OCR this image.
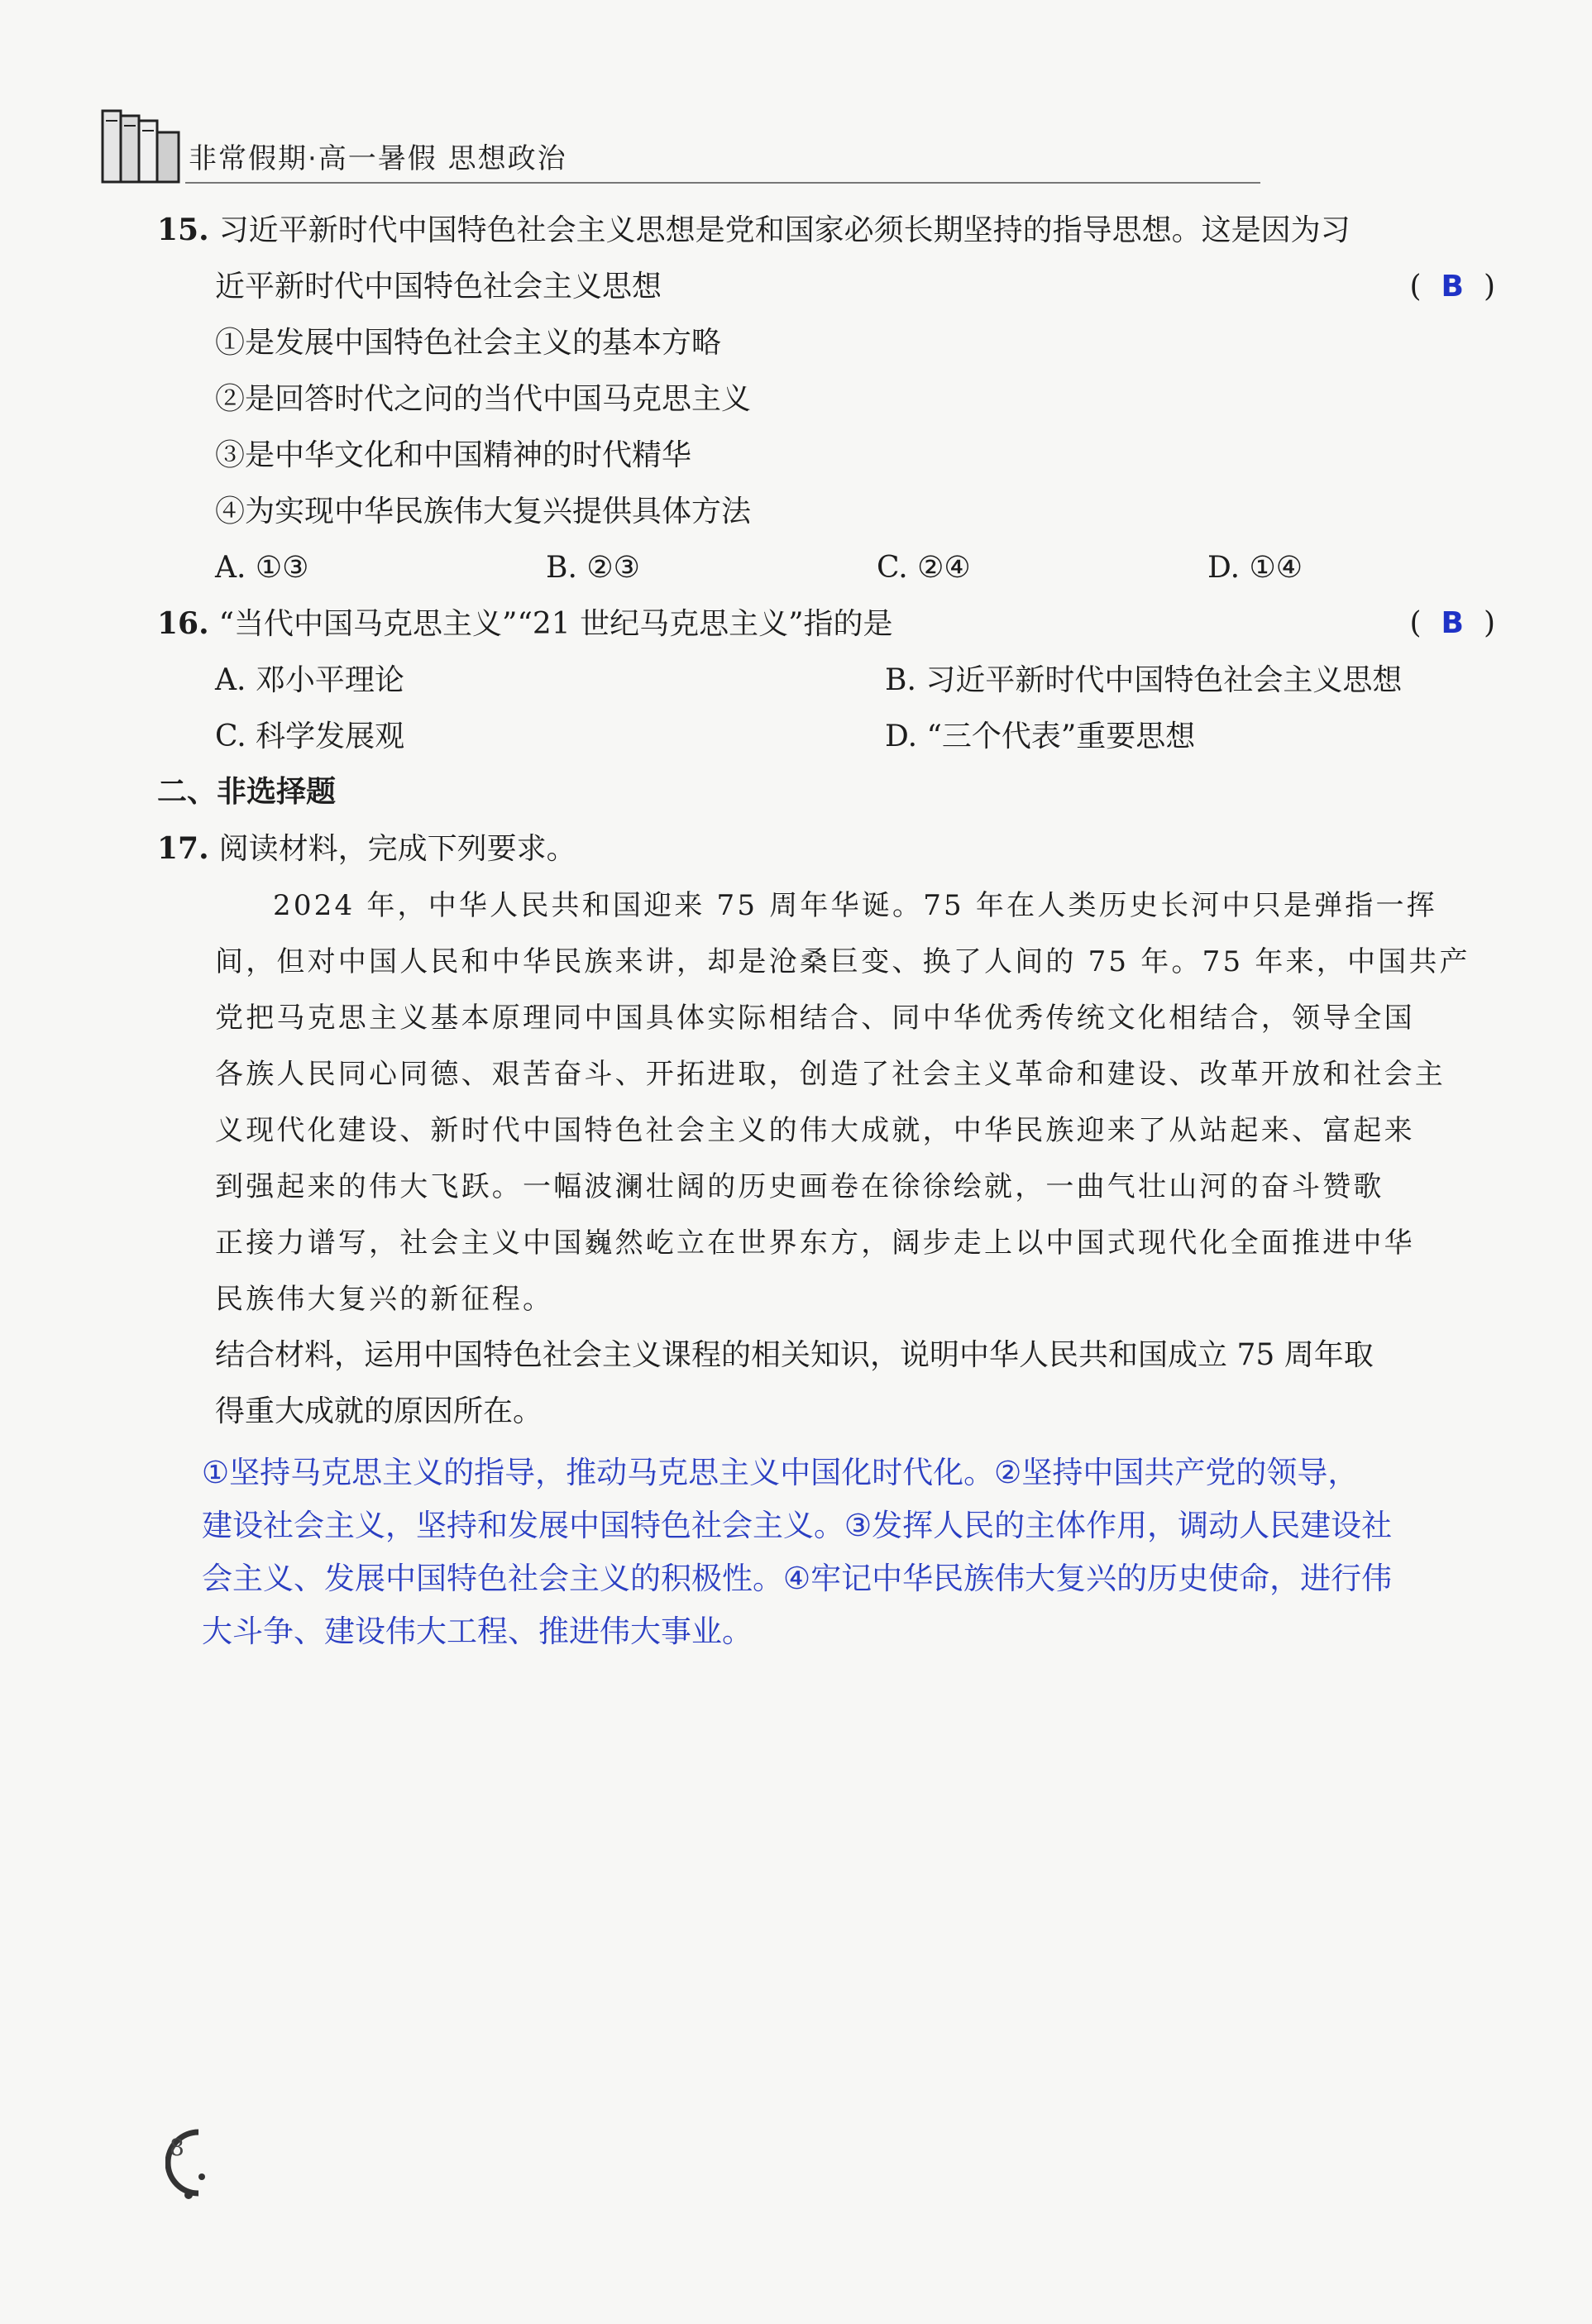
非常假期·高一暑假 思想政治
15. 习近平新时代中国特色社会主义思想是党和国家必须长期坚持的指导思想。这是因为习
近平新时代中国特色社会主义思想	( B )
①是发展中国特色社会主义的基本方略
②是回答时代之问的当代中国马克思主义
③是中华文化和中国精神的时代精华
④为实现中华民族伟大复兴提供具体方法
A. ①③	B. ②③	C. ②④	D. ①④
16. “当代中国马克思主义”“21 世纪马克思主义”指的是	( B )
A. 邓小平理论	B. 习近平新时代中国特色社会主义思想
C. 科学发展观	D. “三个代表”重要思想
二、非选择题
17. 阅读材料，完成下列要求。

2024 年，中华人民共和国迎来 75 周年华诞。75 年在人类历史长河中只是弹指一挥

间，但对中国人民和中华民族来讲，却是沧桑巨变、换了人间的 75 年。75 年来，中国共产

党把马克思主义基本原理同中国具体实际相结合、同中华优秀传统文化相结合，领导全国

各族人民同心同德、艰苦奋斗、开拓进取，创造了社会主义革命和建设、改革开放和社会主

义现代化建设、新时代中国特色社会主义的伟大成就，中华民族迎来了从站起来、富起来

到强起来的伟大飞跃。一幅波澜壮阔的历史画卷在徐徐绘就，一曲气壮山河的奋斗赞歌

正接力谱写，社会主义中国巍然屹立在世界东方，阔步走上以中国式现代化全面推进中华

民族伟大复兴的新征程。

结合材料，运用中国特色社会主义课程的相关知识，说明中华人民共和国成立 75 周年取

得重大成就的原因所在。

①坚持马克思主义的指导，推动马克思主义中国化时代化。②坚持中国共产党的领导，

建设社会主义，坚持和发展中国特色社会主义。③发挥人民的主体作用，调动人民建设社

会主义、发展中国特色社会主义的积极性。④牢记中华民族伟大复兴的历史使命，进行伟

大斗争、建设伟大工程、推进伟大事业。

8
